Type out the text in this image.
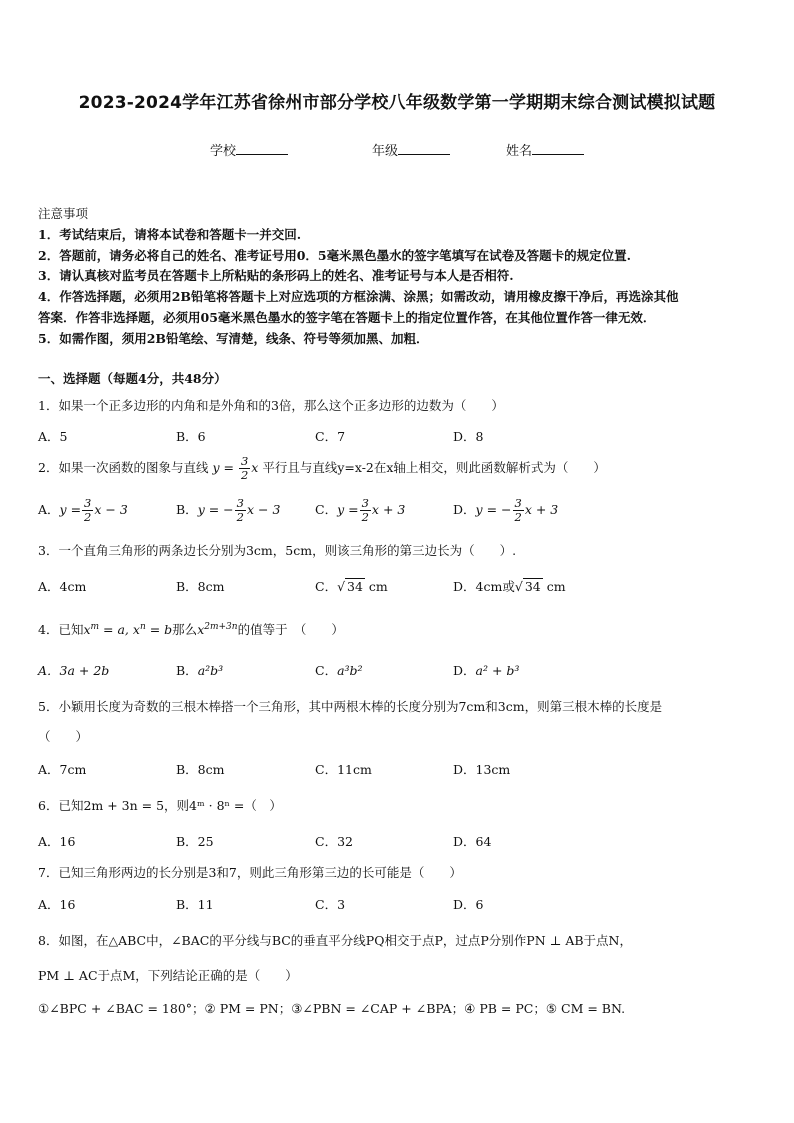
2023-2024学年江苏省徐州市部分学校八年级数学第一学期期末综合测试模拟试题
学校	年级	姓名
注意事项
1．考试结束后，请将本试卷和答题卡一并交回.
2．答题前，请务必将自己的姓名、准考证号用0．5毫米黑色墨水的签字笔填写在试卷及答题卡的规定位置.
3．请认真核对监考员在答题卡上所粘贴的条形码上的姓名、准考证号与本人是否相符.
4．作答选择题，必须用2B铅笔将答题卡上对应选项的方框涂满、涂黑；如需改动，请用橡皮擦干净后，再选涂其他
答案．作答非选择题，必须用05毫米黑色墨水的签字笔在答题卡上的指定位置作答，在其他位置作答一律无效．
5．如需作图，须用2B铅笔绘、写清楚，线条、符号等须加黑、加粗．
一、选择题（每题4分，共48分）
1．如果一个正多边形的内角和是外角和的3倍，那么这个正多边形的边数为（　　）
A．5	B．6	C．7	D．8
2．如果一次函数的图象与直线 $y = \frac{3}{2}$ x 平行且与直线y=x-2在x轴上相交，则此函数解析式为（　　）
A．$y = \frac{3}{2}$ x − 3	B．y = − $\frac{3}{2}$ x − 3	C．$y = \frac{3}{2}$ x + 3	D．y = − $\frac{3}{2}$ x + 3
3．一个直角三角形的两条边长分别为3cm，5cm，则该三角形的第三边长为（　　）.
A．4cm	B．8cm	C．√ 34 cm	D．4cm或√ 34 cm
4．已知$x^m = a$, $x^n = b$那么$x^{2m+3n}$的值等于　（　　）
A．3a + 2b	B．a²b³	C．a³b²	D．a² + b³
5．小颖用长度为奇数的三根木棒搭一个三角形，其中两根木棒的长度分别为7cm和3cm，则第三根木棒的长度是
（　　）
A．7cm	B．8cm	C．11cm	D．13cm
6．已知2m + 3n = 5，则4ᵐ · 8ⁿ =（　）
A．16	B．25	C．32	D．64
7．已知三角形两边的长分别是3和7，则此三角形第三边的长可能是（　　）
A．16	B．11	C．3	D．6
8．如图，在△ABC中，∠BAC的平分线与BC的垂直平分线PQ相交于点P，过点P分别作PN ⊥ AB于点N，
PM ⊥ AC于点M，下列结论正确的是（　　）
①∠BPC + ∠BAC = 180°；② PM = PN；③∠PBN = ∠CAP + ∠BPA；④ PB = PC；⑤ CM = BN.
